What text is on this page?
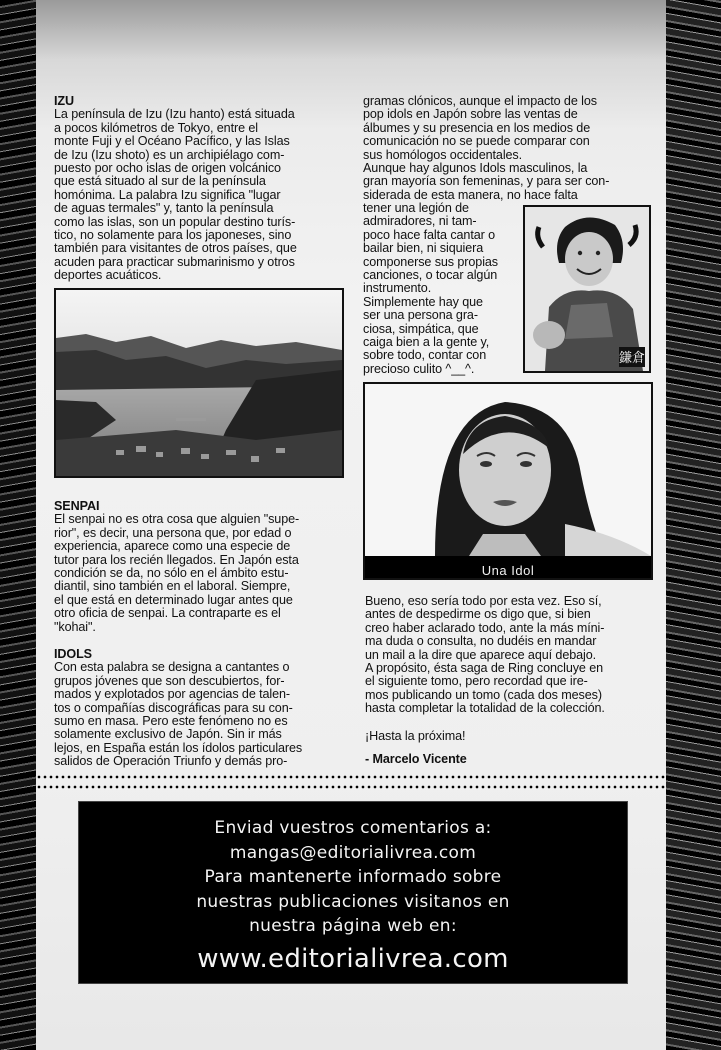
IZU

La península de Izu (Izu hanto) está situada
a pocos kilómetros de Tokyo, entre el
monte Fuji y el Océano Pacífico, y las Islas
de Izu (Izu shoto) es un archipiélago com-
puesto por ocho islas de origen volcánico
que está situado al sur de la península
homónima. La palabra Izu significa "lugar
de aguas termales" y, tanto la península
como las islas, son un popular destino turís-
tico, no solamente para los japoneses, sino
también para visitantes de otros países, que
acuden para practicar submarinismo y otros
deportes acuáticos.

SENPAI

El senpai no es otra cosa que alguien "supe-
rior", es decir, una persona que, por edad o
experiencia, aparece como una especie de
tutor para los recién llegados. En Japón esta
condición se da, no sólo en el ámbito estu-
diantil, sino también en el laboral. Siempre,
el que está en determinado lugar antes que
otro oficia de senpai. La contraparte es el
"kohai".

IDOLS

Con esta palabra se designa a cantantes o
grupos jóvenes que son descubiertos, for-
mados y explotados por agencias de talen-
tos o compañías discográficas para su con-
sumo en masa. Pero este fenómeno no es
solamente exclusivo de Japón. Sin ir más
lejos, en España están los ídolos particulares
salidos de Operación Triunfo y demás pro-
gramas clónicos, aunque el impacto de los
pop idols en Japón sobre las ventas de
álbumes y su presencia en los medios de
comunicación no se puede comparar con
sus homólogos occidentales.
Aunque hay algunos Idols masculinos, la
gran mayoría son femeninas, y para ser con-
siderada de esta manera, no hace falta
tener una legión de
admiradores, ni tam-
poco hace falta cantar o
bailar bien, ni siquiera
componerse sus propias
canciones, o tocar algún
instrumento.
Simplemente hay que
ser una persona gra-
ciosa, simpática, que
caiga bien a la gente y,
sobre todo, contar con
precioso culito ^__^.
鎌倉
Una Idol
Bueno, eso sería todo por esta vez. Eso sí,
antes de despedirme os digo que, si bien
creo haber aclarado todo, ante la más míni-
ma duda o consulta, no dudéis en mandar
un mail a la dire que aparece aquí debajo.
A propósito, ésta saga de Ring concluye en
el siguiente tomo, pero recordad que ire-
mos publicando un tomo (cada dos meses)
hasta completar la totalidad de la colección.

¡Hasta la próxima!

- Marcelo Vicente

Enviad vuestros comentarios a:

mangas@editorialivrea.com

Para mantenerte informado sobre

nuestras publicaciones visitanos en

nuestra página web en:

www.editorialivrea.com
